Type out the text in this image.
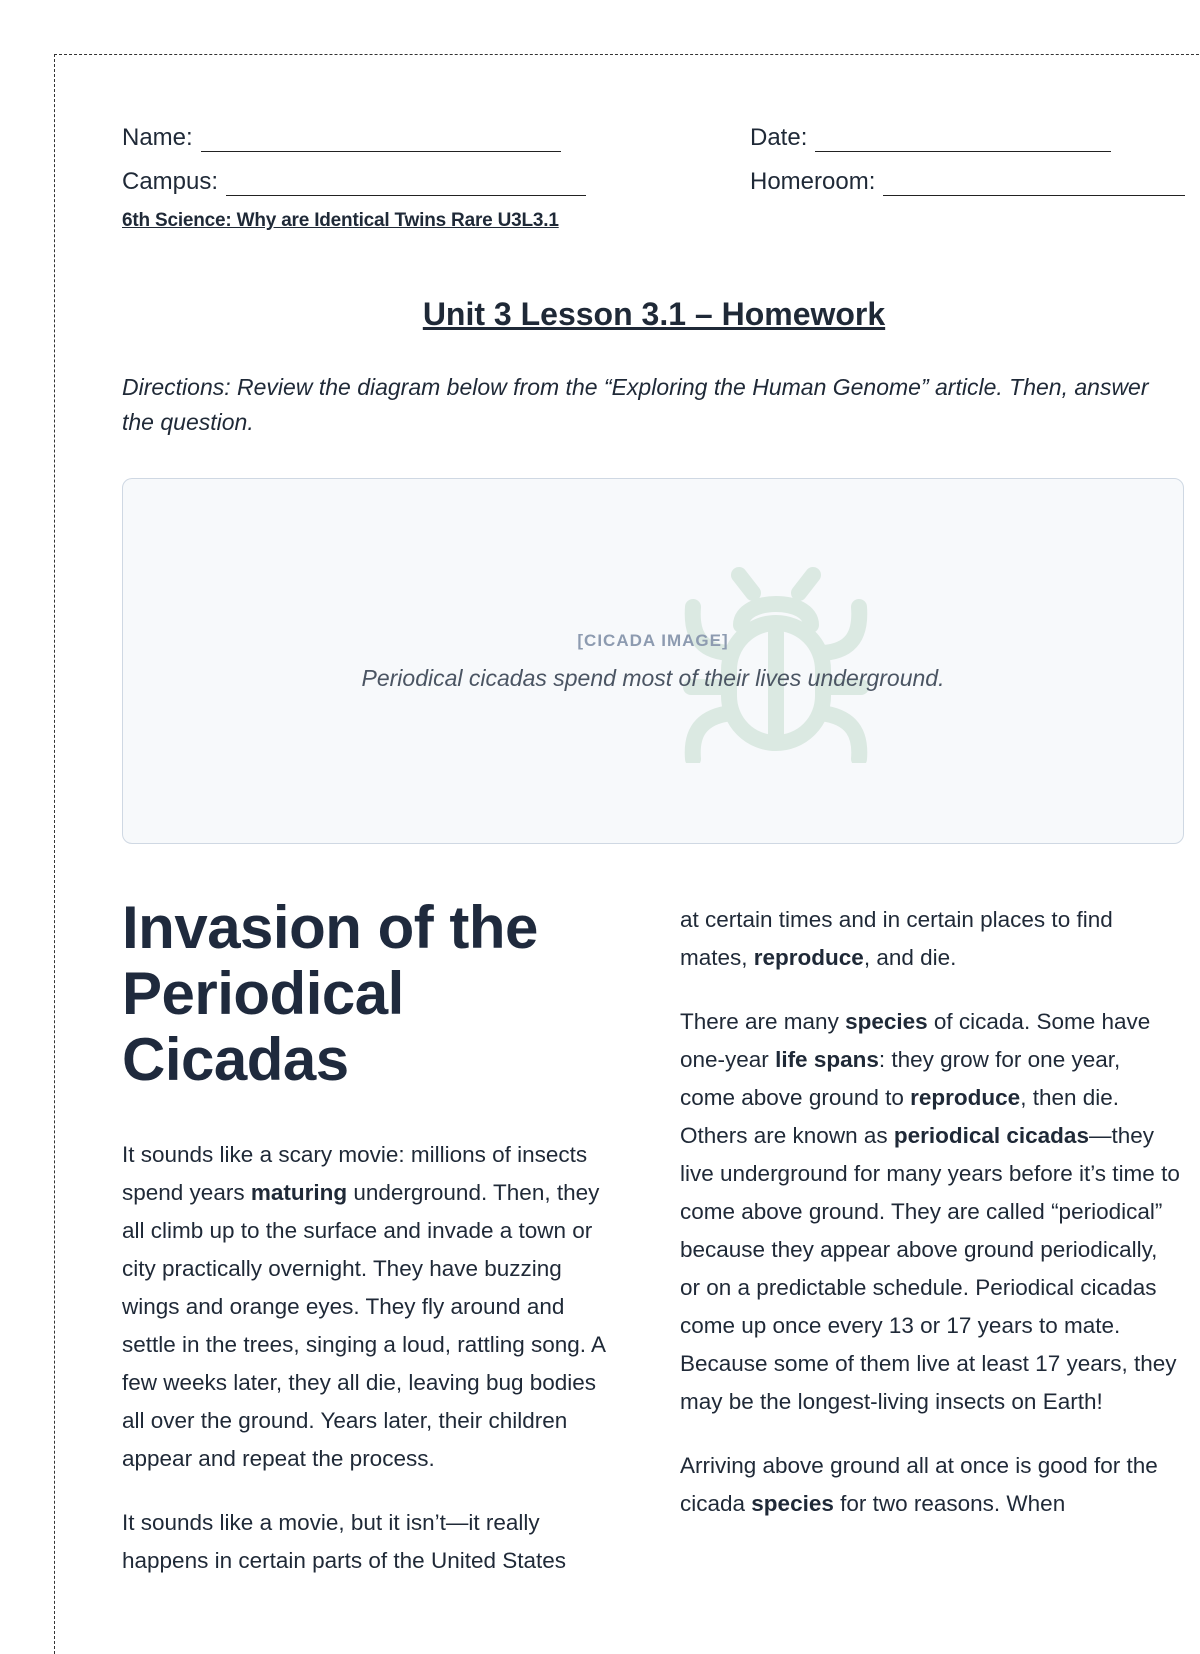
Name:	Date:
Campus:	Homeroom:
6th Science: Why are Identical Twins Rare U3L3.1
Unit 3 Lesson 3.1 – Homework
Directions: Review the diagram below from the “Exploring the Human Genome” article. Then, answer the question.
[CICADA IMAGE]
Periodical cicadas spend most of their lives underground.
Invasion of the Periodical Cicadas

It sounds like a scary movie: millions of insects spend years maturing underground. Then, they all climb up to the surface and invade a town or city practically overnight. They have buzzing wings and orange eyes. They fly around and settle in the trees, singing a loud, rattling song. A few weeks later, they all die, leaving bug bodies all over the ground. Years later, their children appear and repeat the process.

It sounds like a movie, but it isn’t—it really happens in certain parts of the United States

at certain times and in certain places to find mates, reproduce, and die.

There are many species of cicada. Some have one-year life spans: they grow for one year, come above ground to reproduce, then die. Others are known as periodical cicadas—they live underground for many years before it’s time to come above ground. They are called “periodical” because they appear above ground periodically, or on a predictable schedule. Periodical cicadas come up once every 13 or 17 years to mate. Because some of them live at least 17 years, they may be the longest-living insects on Earth!

Arriving above ground all at once is good for the cicada species for two reasons. When
